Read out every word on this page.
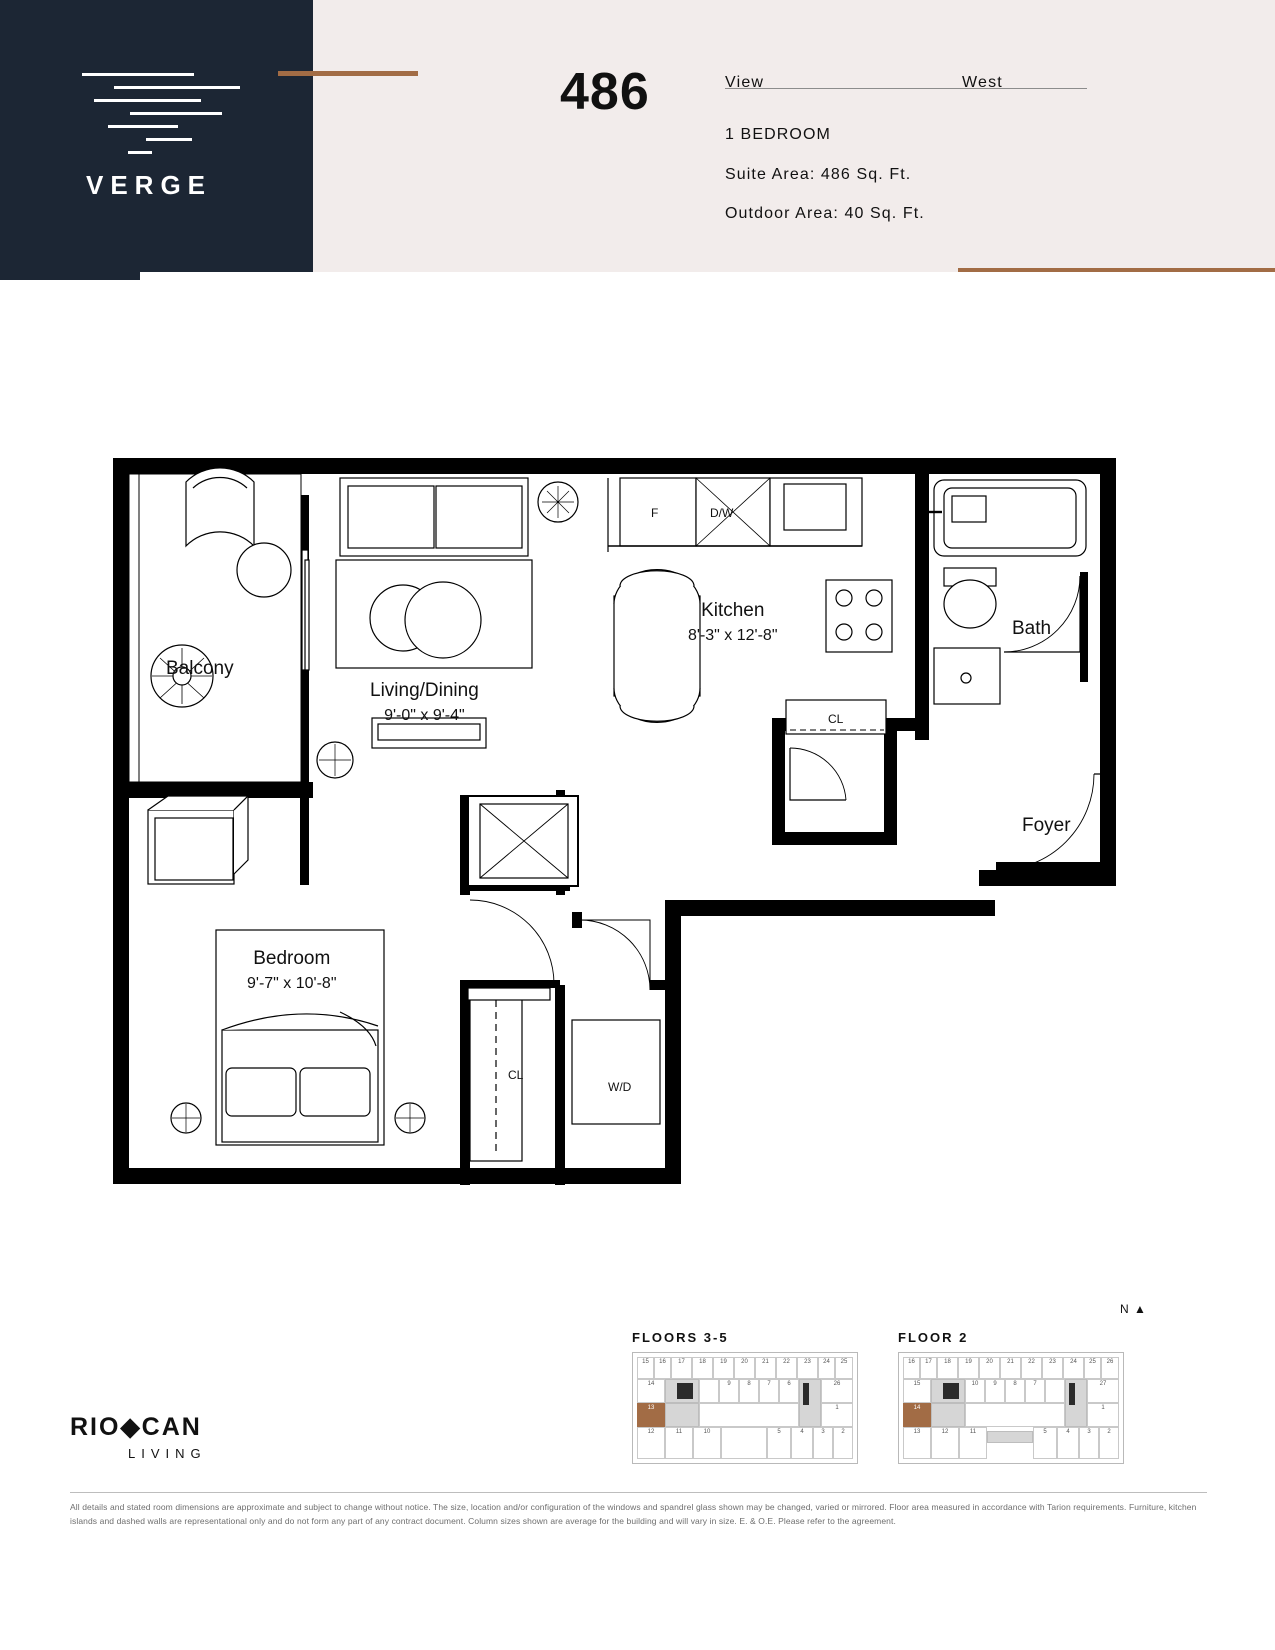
VERGE
486	View	West
1 BEDROOM
Suite Area: 486 Sq. Ft.
Outdoor Area: 40 Sq. Ft.
Balcony
Living/Dining
9'-0" x 9'-4"
Kitchen
8'-3" x 12'-8"	Bath
Foyer
Bedroom
9'-7" x 10'-8"
F	D/W
CL
CL
W/D
N ▲
FLOORS 3-5
15	16	17	18	19	20	21	22	23	24	25
14	9	8	7	6	26
13	1
12	11	10	5	4	3	2
FLOOR 2
16	17	18	19	20	21	22	23	24	25	26
15	10	9	8	7	27
14	1
13	12	11	5	4	3	2
RIO◆CAN
LIVING
All details and stated room dimensions are approximate and subject to change without notice. The size, location and/or configuration of the windows and spandrel glass shown may be changed, varied or mirrored. Floor area measured in accordance with Tarion requirements. Furniture, kitchen islands and dashed walls are representational only and do not form any part of any contract document. Column sizes shown are average for the building and will vary in size. E. & O.E. Please refer to the agreement.
